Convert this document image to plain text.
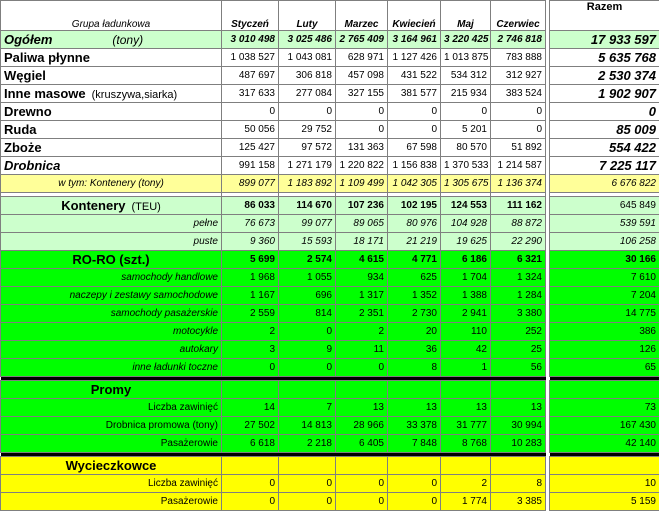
Grupa ładunkowa	Styczeń	Luty	Marzec	Kwiecień	Maj	Czerwiec		Razem
Ogółem (tony)	3 010 498	3 025 486	2 765 409	3 164 961	3 220 425	2 746 818		17 933 597
Paliwa płynne	1 038 527	1 043 081	628 971	1 127 426	1 013 875	783 888		5 635 768
Węgiel	487 697	306 818	457 098	431 522	534 312	312 927		2 530 374
Inne masowe (kruszywa,siarka)	317 633	277 084	327 155	381 577	215 934	383 524		1 902 907
Drewno	0	0	0	0	0	0		0
Ruda	50 056	29 752	0	0	5 201	0		85 009
Zboże	125 427	97 572	131 363	67 598	80 570	51 892		554 422
Drobnica	991 158	1 271 179	1 220 822	1 156 838	1 370 533	1 214 587		7 225 117
w tym: Kontenery (tony)	899 077	1 183 892	1 109 499	1 042 305	1 305 675	1 136 374		6 676 822

Kontenery (TEU)	86 033	114 670	107 236	102 195	124 553	111 162		645 849
pełne	76 673	99 077	89 065	80 976	104 928	88 872		539 591
puste	9 360	15 593	18 171	21 219	19 625	22 290		106 258
RO-RO (szt.)	5 699	2 574	4 615	4 771	6 186	6 321		30 166
samochody handlowe	1 968	1 055	934	625	1 704	1 324		7 610
naczepy i zestawy samochodowe	1 167	696	1 317	1 352	1 388	1 284		7 204
samochody pasażerskie	2 559	814	2 351	2 730	2 941	3 380		14 775
motocykle	2	0	2	20	110	252		386
autokary	3	9	11	36	42	25		126
inne ładunki toczne	0	0	0	8	1	56		65

Promy								
Liczba zawinięć	14	7	13	13	13	13		73
Drobnica promowa (tony)	27 502	14 813	28 966	33 378	31 777	30 994		167 430
Pasażerowie	6 618	2 218	6 405	7 848	8 768	10 283		42 140

Wycieczkowce								
Liczba zawinięć	0	0	0	0	2	8		10
Pasażerowie	0	0	0	0	1 774	3 385		5 159
